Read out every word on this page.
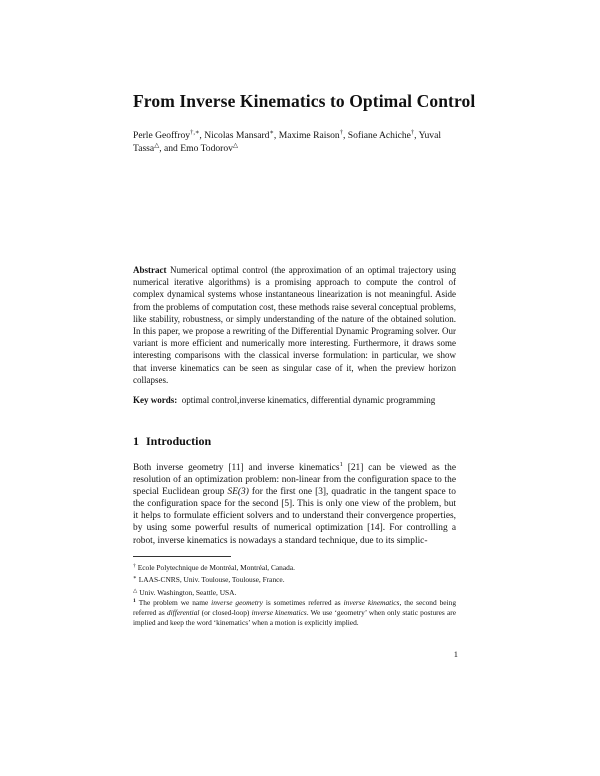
From Inverse Kinematics to Optimal Control
Perle Geoffroy†,∗, Nicolas Mansard∗, Maxime Raison†, Sofiane Achiche†, Yuval Tassa△, and Emo Todorov△
Abstract Numerical optimal control (the approximation of an optimal trajectory using numerical iterative algorithms) is a promising approach to compute the control of complex dynamical systems whose instantaneous linearization is not meaningful. Aside from the problems of computation cost, these methods raise several conceptual problems, like stability, robustness, or simply understanding of the nature of the obtained solution. In this paper, we propose a rewriting of the Differential Dynamic Programing solver. Our variant is more efficient and numerically more interesting. Furthermore, it draws some interesting comparisons with the classical inverse formulation: in particular, we show that inverse kinematics can be seen as singular case of it, when the preview horizon collapses.
Key words: optimal control,inverse kinematics, differential dynamic programming
1 Introduction
Both inverse geometry [11] and inverse kinematics$^1$ [21] can be viewed as the resolution of an optimization problem: non-linear from the configuration space to the special Euclidean group SE(3) for the first one [3], quadratic in the tangent space to the configuration space for the second [5]. This is only one view of the problem, but it helps to formulate efficient solvers and to understand their convergence properties, by using some powerful results of numerical optimization [14]. For controlling a robot, inverse kinematics is nowadays a standard technique, due to its simplic-
† Ecole Polytechnique de Montréal, Montréal, Canada.
∗ LAAS-CNRS, Univ. Toulouse, Toulouse, France.
△ Univ. Washington, Seattle, USA.
$^1$ The problem we name inverse geometry is sometimes referred as inverse kinematics, the second being referred as differential (or closed-loop) inverse kinematics. We use ‘geometry’ when only static postures are implied and keep the word ‘kinematics’ when a motion is explicitly implied.
1
